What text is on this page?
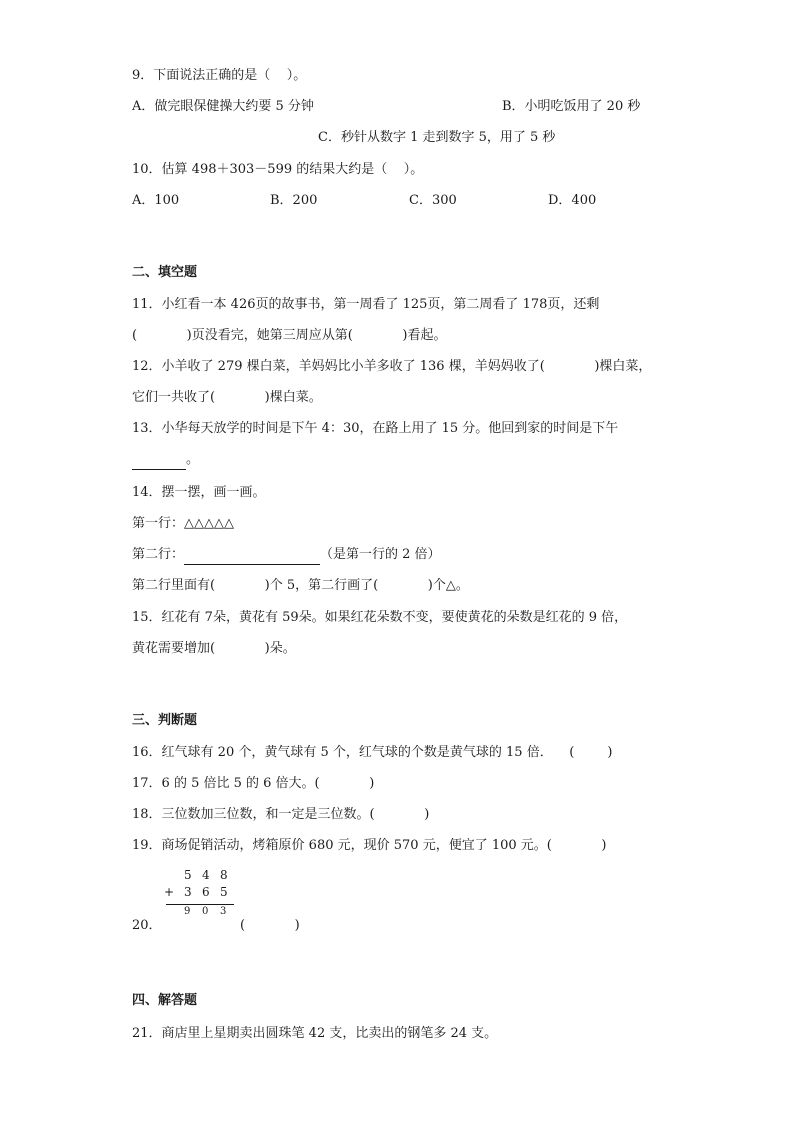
9．下面说法正确的是（    ）。
A．做完眼保健操大约要 5 分钟	B．小明吃饭用了 20 秒
C．秒针从数字 1 走到数字 5，用了 5 秒
10．估算 498＋303－599 的结果大约是（    ）。
A．100	B．200	C．300	D．400
二、填空题
11．小红看一本 426页的故事书，第一周看了 125页，第二周看了 178页，还剩
(            )页没看完，她第三周应从第(            )看起。
12．小羊收了 279 棵白菜，羊妈妈比小羊多收了 136 棵，羊妈妈收了(            )棵白菜，
它们一共收了(            )棵白菜。
13．小华每天放学的时间是下午 4：30，在路上用了 15 分。他回到家的时间是下午
。
14．摆一摆，画一画。
第一行：△△△△△
第二行：	（是第一行的 2 倍）
第二行里面有(            )个 5，第二行画了(            )个△。
15．红花有 7朵，黄花有 59朵。如果红花朵数不变，要使黄花的朵数是红花的 9 倍，
黄花需要增加(            )朵。
三、判断题
16．红气球有 20 个，黄气球有 5 个，红气球的个数是黄气球的 15 倍．    (        )
17．6 的 5 倍比 5 的 6 倍大。(            )
18．三位数加三位数，和一定是三位数。(            )
19．商场促销活动，烤箱原价 680 元，现价 570 元，便宜了 100 元。(            )
5 4 8
+ 3 6 5
9 0 3
20．	(            )
四、解答题
21．商店里上星期卖出圆珠笔 42 支，比卖出的钢笔多 24 支。
